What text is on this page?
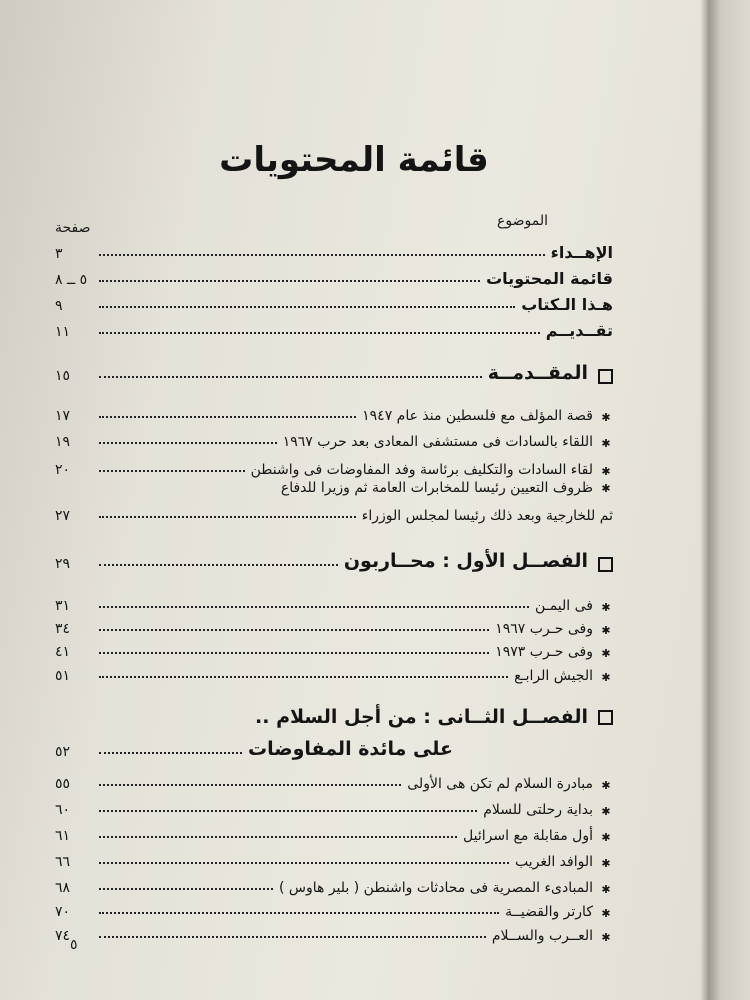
قائمة المحتويات
الموضوع
صفحة
الإهــداء
٣
قائمة المحتويات
٥ ــ ٨
هـذا الـكتاب
٩
تقــديــم
١١
المقــدمــة
١٥
✱
قصة المؤلف مع فلسطين منذ عام ١٩٤٧
١٧
✱
اللقاء بالسادات فى مستشفى المعادى بعد حرب ١٩٦٧
١٩
✱
لقاء السادات والتكليف برئاسة وفد المفاوضات فى واشنطن
٢٠
✱ظروف التعيين رئيسا للمخابرات العامة ثم وزيرا للدفاع
ثم للخارجية وبعد ذلك رئيسا لمجلس الوزراء
٢٧
الفصــل الأول : محــاربون
٢٩
✱
فى اليمـن
٣١
✱
وفى حـرب ١٩٦٧
٣٤
✱
وفى حـرب ١٩٧٣
٤١
✱
الجيش الرابـع
٥١
الفصــل الثــانى : من أجل السلام ..
على مائدة المفاوضات
٥٢
✱
مبادرة السلام لم تكن هى الأولى
٥٥
✱
بداية رحلتى للسلام
٦٠
✱
أول مقابلة مع اسرائيل
٦١
✱
الوافد الغريب
٦٦
✱
المبادىء المصرية فى محادثات واشنطن ( بلير هاوس )
٦٨
✱
كارتر والقضيــة
٧٠
✱
العــرب والســلام
٧٤
٥
